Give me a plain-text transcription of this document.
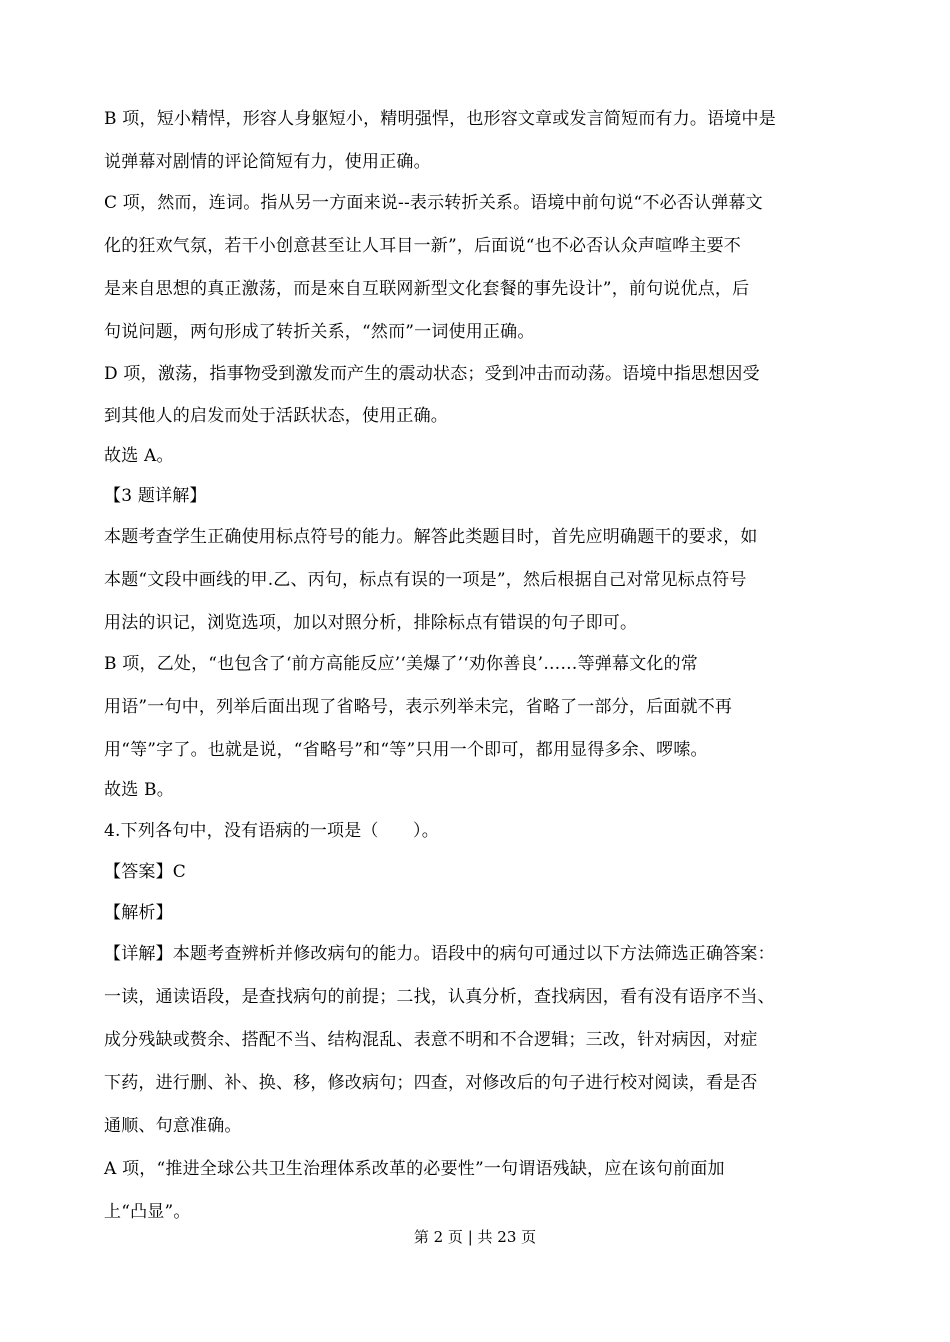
B 项，短小精悍，形容人身躯短小，精明强悍，也形容文章或发言简短而有力。语境中是
说弹幕对剧情的评论简短有力，使用正确。
C 项，然而，连词。指从另一方面来说--表示转折关系。语境中前句说“不必否认弹幕文
化的狂欢气氛，若干小创意甚至让人耳目一新”，后面说“也不必否认众声喧哗主要不
是来自思想的真正激荡，而是來自互联网新型文化套餐的事先设计”，前句说优点，后
句说问题，两句形成了转折关系，“然而”一词使用正确。
D 项，激荡，指事物受到激发而产生的震动状态；受到冲击而动荡。语境中指思想因受
到其他人的启发而处于活跃状态，使用正确。
故选 A。
【3 题详解】
本题考查学生正确使用标点符号的能力。解答此类题目时，首先应明确题干的要求，如
本题“文段中画线的甲.乙、丙句，标点有误的一项是”，然后根据自己对常见标点符号
用法的识记，浏览选项，加以对照分析，排除标点有错误的句子即可。
B 项，乙处，“也包含了‘前方高能反应’‘美爆了’‘劝你善良’……等弹幕文化的常
用语”一句中，列举后面出现了省略号，表示列举未完，省略了一部分，后面就不再
用“等”字了。也就是说，“省略号”和“等”只用一个即可，都用显得多余、啰嗦。
故选 B。
4.下列各句中，没有语病的一项是（　　）。
【答案】C
【解析】
【详解】本题考查辨析并修改病句的能力。语段中的病句可通过以下方法筛选正确答案：
一读，通读语段，是查找病句的前提；二找，认真分析，查找病因，看有没有语序不当、
成分残缺或赘余、搭配不当、结构混乱、表意不明和不合逻辑；三改，针对病因，对症
下药，进行删、补、换、移，修改病句；四查，对修改后的句子进行校对阅读，看是否
通顺、句意准确。
A 项，“推进全球公共卫生治理体系改革的必要性”一句谓语残缺，应在该句前面加
上“凸显”。
第 2 页 | 共 23 页
